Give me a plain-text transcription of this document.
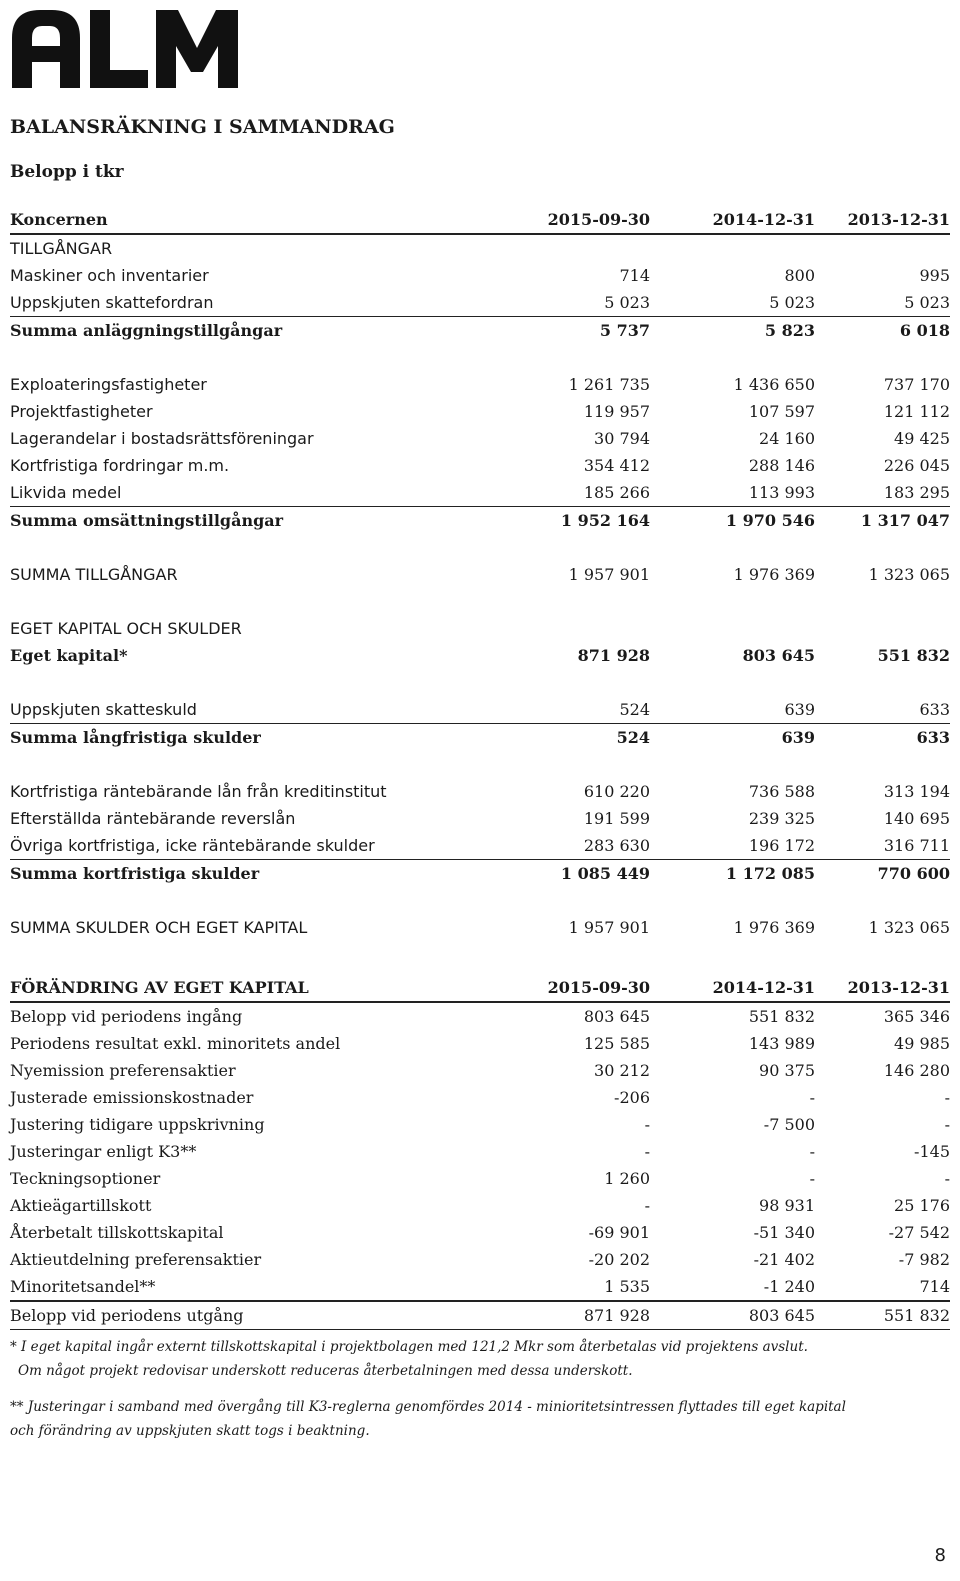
BALANSRÄKNING I SAMMANDRAG
Belopp i tkr
Koncernen	2015-09-30	2014-12-31	2013-12-31
TILLGÅNGAR			
Maskiner och inventarier	714	800	995
Uppskjuten skattefordran	5 023	5 023	5 023
Summa anläggningstillgångar	5 737	5 823	6 018

Exploateringsfastigheter	1 261 735	1 436 650	737 170
Projektfastigheter	119 957	107 597	121 112
Lagerandelar i bostadsrättsföreningar	30 794	24 160	49 425
Kortfristiga fordringar m.m.	354 412	288 146	226 045
Likvida medel	185 266	113 993	183 295
Summa omsättningstillgångar	1 952 164	1 970 546	1 317 047

SUMMA TILLGÅNGAR	1 957 901	1 976 369	1 323 065

EGET KAPITAL OCH SKULDER			
Eget kapital*	871 928	803 645	551 832

Uppskjuten skatteskuld	524	639	633
Summa långfristiga skulder	524	639	633

Kortfristiga räntebärande lån från kreditinstitut	610 220	736 588	313 194
Efterställda räntebärande reverslån	191 599	239 325	140 695
Övriga kortfristiga, icke räntebärande skulder	283 630	196 172	316 711
Summa kortfristiga skulder	1 085 449	1 172 085	770 600

SUMMA SKULDER OCH EGET KAPITAL	1 957 901	1 976 369	1 323 065
FÖRÄNDRING AV EGET KAPITAL	2015-09-30	2014-12-31	2013-12-31
Belopp vid periodens ingång	803 645	551 832	365 346
Periodens resultat exkl. minoritets andel	125 585	143 989	49 985
Nyemission preferensaktier	30 212	90 375	146 280
Justerade emissionskostnader	-206	-	-
Justering tidigare uppskrivning	-	-7 500	-
Justeringar enligt K3**	-	-	-145
Teckningsoptioner	1 260	-	-
Aktieägartillskott	-	98 931	25 176
Återbetalt tillskottskapital	-69 901	-51 340	-27 542
Aktieutdelning preferensaktier	-20 202	-21 402	-7 982
Minoritetsandel**	1 535	-1 240	714
Belopp vid periodens utgång	871 928	803 645	551 832
* I eget kapital ingår externt tillskottskapital i projektbolagen med 121,2 Mkr som återbetalas vid projektens avslut.
Om något projekt redovisar underskott reduceras återbetalningen med dessa underskott.
** Justeringar i samband med övergång till K3-reglerna genomfördes 2014 - minioritetsintressen flyttades till eget kapital
och förändring av uppskjuten skatt togs i beaktning.
8
